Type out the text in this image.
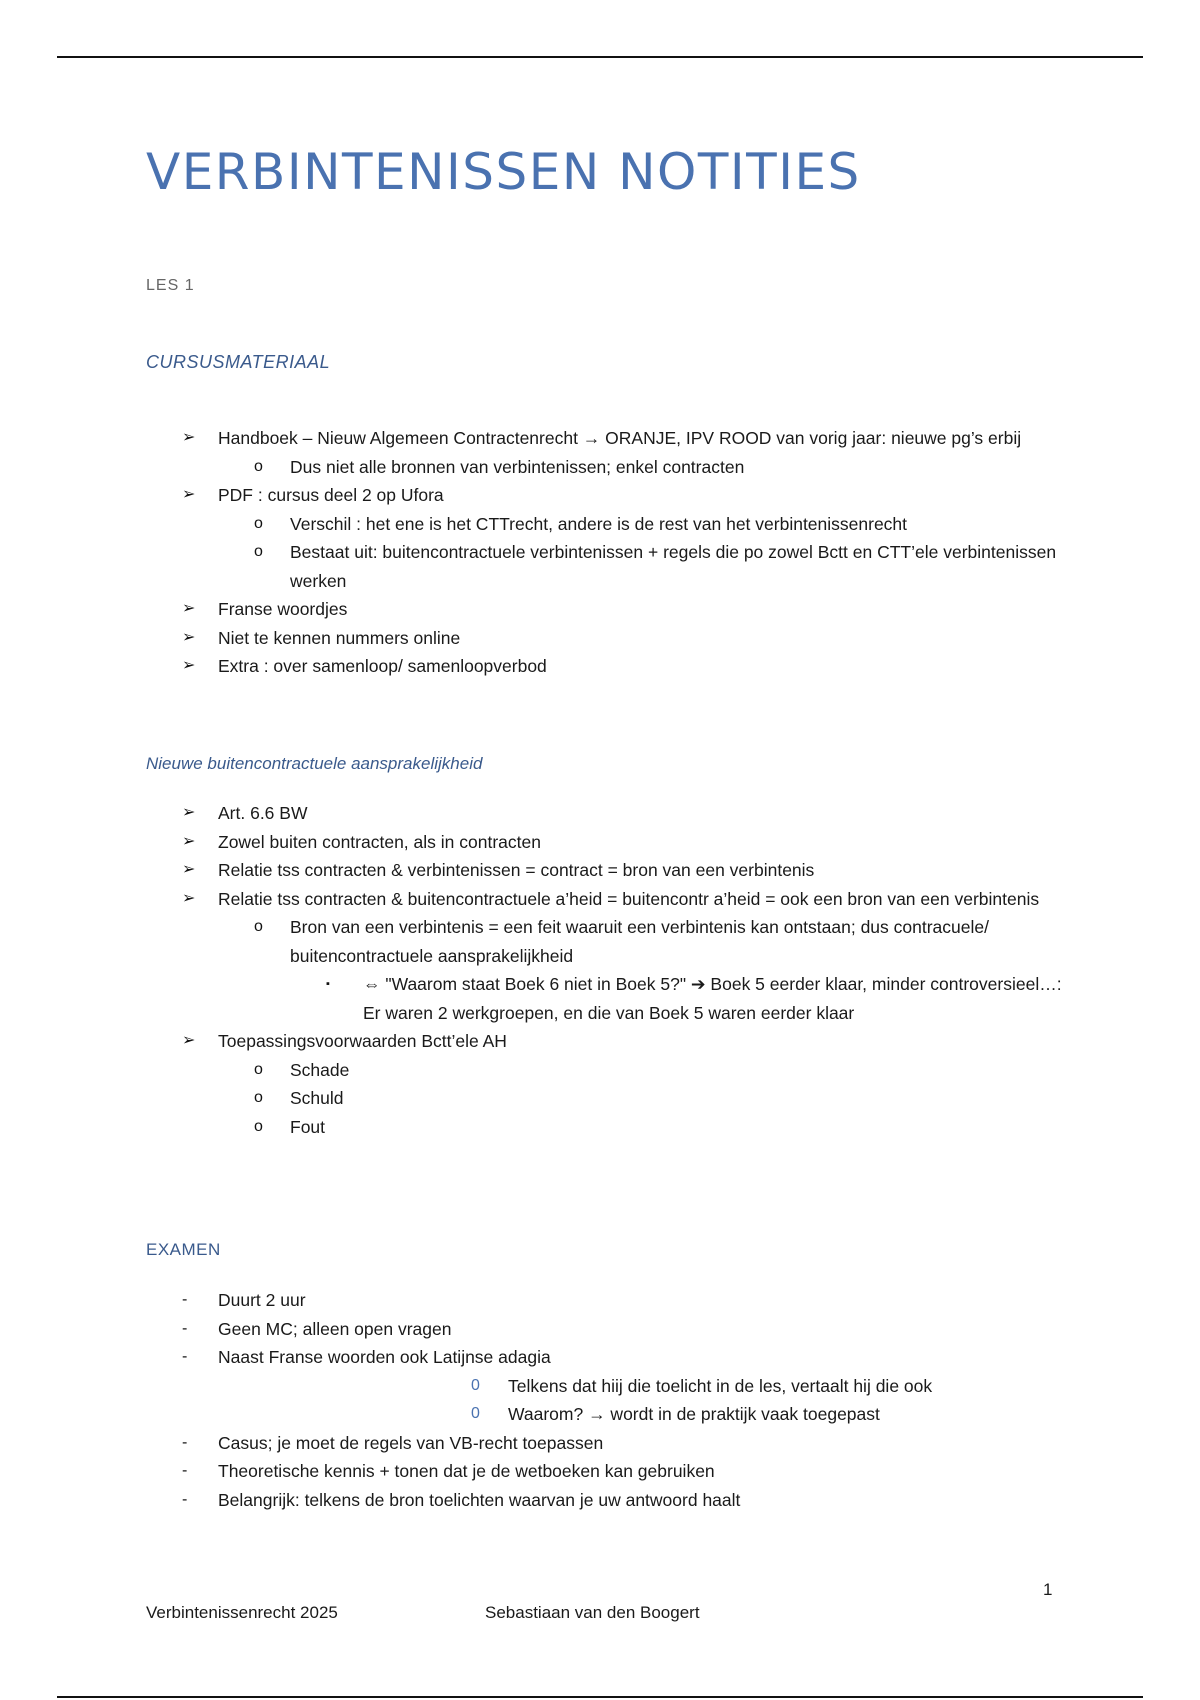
VERBINTENISSEN NOTITIES
LES 1
CURSUSMATERIAAL
➢ Handboek – Nieuw Algemeen Contractenrecht → ORANJE, IPV ROOD van vorig jaar: nieuwe pg’s erbij
o Dus niet alle bronnen van verbintenissen; enkel contracten
➢ PDF : cursus deel 2 op Ufora
o Verschil : het ene is het CTTrecht, andere is de rest van het verbintenissenrecht
o Bestaat uit: buitencontractuele verbintenissen + regels die po zowel Bctt en CTT’ele verbintenissen werken
➢ Franse woordjes
➢ Niet te kennen nummers online
➢ Extra : over samenloop/ samenloopverbod
Nieuwe buitencontractuele aansprakelijkheid
➢ Art. 6.6 BW
➢ Zowel buiten contracten, als in contracten
➢ Relatie tss contracten & verbintenissen = contract = bron van een verbintenis
➢ Relatie tss contracten & buitencontractuele a’heid = buitencontr a’heid = ook een bron van een verbintenis
o Bron van een verbintenis = een feit waaruit een verbintenis kan ontstaan; dus contracuele/ buitencontractuele aansprakelijkheid
▪ ⇔ "Waarom staat Boek 6 niet in Boek 5?" ➔ Boek 5 eerder klaar, minder controversieel…: Er waren 2 werkgroepen, en die van Boek 5 waren eerder klaar
➢ Toepassingsvoorwaarden Bctt’ele AH
o Schade
o Schuld
o Fout
EXAMEN
- Duurt 2 uur
- Geen MC; alleen open vragen
- Naast Franse woorden ook Latijnse adagia
0 Telkens dat hiij die toelicht in de les, vertaalt hij die ook
0 Waarom? → wordt in de praktijk vaak toegepast
- Casus; je moet de regels van VB-recht toepassen
- Theoretische kennis + tonen dat je de wetboeken kan gebruiken
- Belangrijk: telkens de bron toelichten waarvan je uw antwoord haalt
1
Verbintenissenrecht 2025	Sebastiaan van den Boogert
